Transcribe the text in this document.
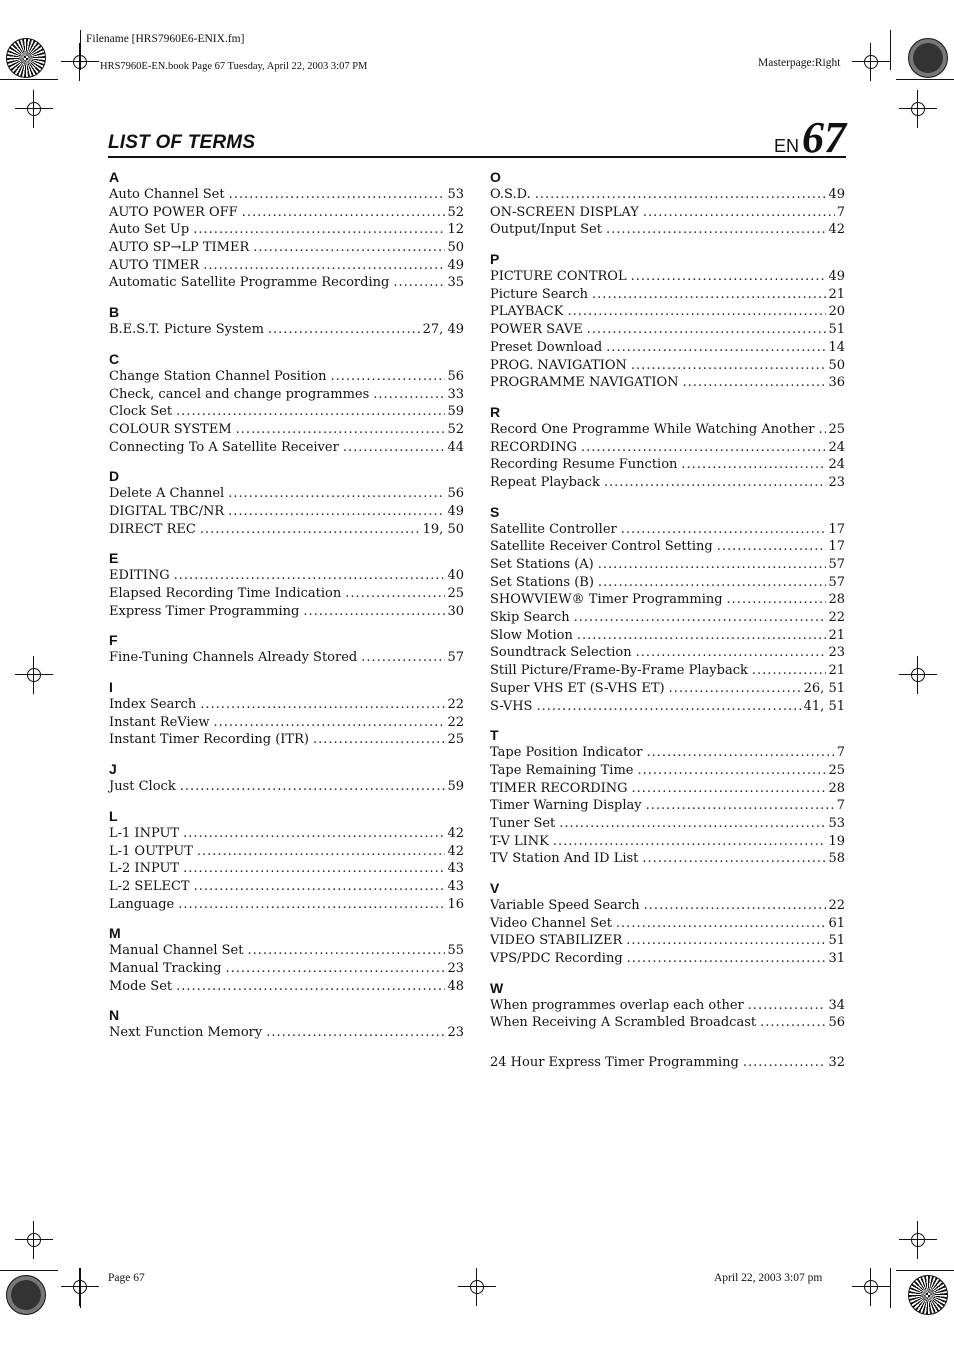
Filename [HRS7960E6-ENIX.fm]
HRS7960E-EN.book Page 67 Tuesday, April 22, 2003 3:07 PM	Masterpage:Right
LIST OF TERMS	EN67
A
Auto Channel Set .....	53
AUTO POWER OFF .....	52
Auto Set Up .....	12
AUTO SP→LP TIMER .....	50
AUTO TIMER .....	49
Automatic Satellite Programme Recording .....	35
B
B.E.S.T. Picture System .....	27, 49
C
Change Station Channel Position .....	56
Check, cancel and change programmes .....	33
Clock Set .....	59
COLOUR SYSTEM .....	52
Connecting To A Satellite Receiver .....	44
D
Delete A Channel .....	56
DIGITAL TBC/NR .....	49
DIRECT REC .....	19, 50
E
EDITING .....	40
Elapsed Recording Time Indication .....	25
Express Timer Programming .....	30
F
Fine-Tuning Channels Already Stored .....	57
I
Index Search .....	22
Instant ReView .....	22
Instant Timer Recording (ITR) .....	25
J
Just Clock .....	59
L
L-1 INPUT .....	42
L-1 OUTPUT .....	42
L-2 INPUT .....	43
L-2 SELECT .....	43
Language .....	16
M
Manual Channel Set .....	55
Manual Tracking .....	23
Mode Set .....	48
N
Next Function Memory .....	23
O
O.S.D. .....	49
ON-SCREEN DISPLAY .....	7
Output/Input Set .....	42
P
PICTURE CONTROL .....	49
Picture Search .....	21
PLAYBACK .....	20
POWER SAVE .....	51
Preset Download .....	14
PROG. NAVIGATION .....	50
PROGRAMME NAVIGATION .....	36
R
Record One Programme While Watching Another .....	25
RECORDING .....	24
Recording Resume Function .....	24
Repeat Playback .....	23
S
Satellite Controller .....	17
Satellite Receiver Control Setting .....	17
Set Stations (A) .....	57
Set Stations (B) .....	57
SHOWVIEW® Timer Programming .....	28
Skip Search .....	22
Slow Motion .....	21
Soundtrack Selection .....	23
Still Picture/Frame-By-Frame Playback .....	21
Super VHS ET (S-VHS ET) .....	26, 51
S-VHS .....	41, 51
T
Tape Position Indicator .....	7
Tape Remaining Time .....	25
TIMER RECORDING .....	28
Timer Warning Display .....	7
Tuner Set .....	53
T-V LINK .....	19
TV Station And ID List .....	58
V
Variable Speed Search .....	22
Video Channel Set .....	61
VIDEO STABILIZER .....	51
VPS/PDC Recording .....	31
W
When programmes overlap each other .....	34
When Receiving A Scrambled Broadcast .....	56
24 Hour Express Timer Programming .....	32
Page 67	April 22, 2003 3:07 pm
